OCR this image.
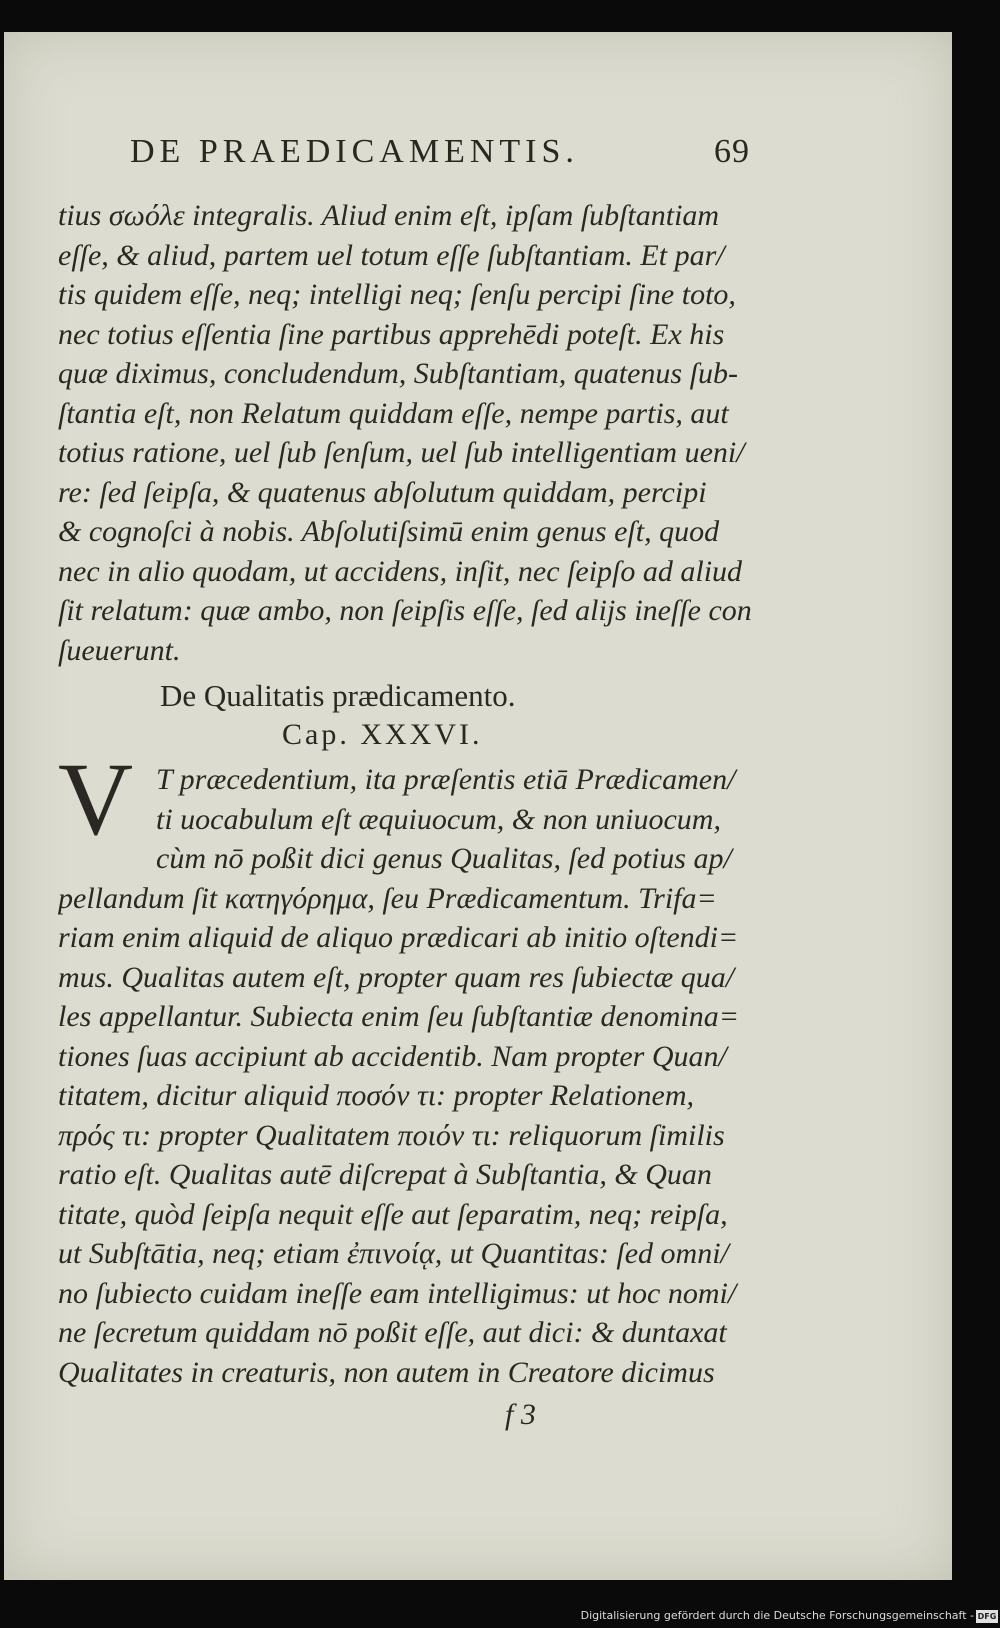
DE PRAEDICAMENTIS.	69
tius σωόλε integralis. Aliud enim eſt, ipſam ſubſtantiam
eſſe, & aliud, partem uel totum eſſe ſubſtantiam. Et par/
tis quidem eſſe, neq; intelligi neq; ſenſu percipi ſine toto,
nec totius eſſentia ſine partibus apprehēdi poteſt. Ex his
quæ diximus, concludendum, Subſtantiam, quatenus ſub-
ſtantia eſt, non Relatum quiddam eſſe, nempe partis, aut
totius ratione, uel ſub ſenſum, uel ſub intelligentiam ueni/
re: ſed ſeipſa, & quatenus abſolutum quiddam, percipi
& cognoſci à nobis. Abſolutiſsimū enim genus eſt, quod
nec in alio quodam, ut accidens, inſit, nec ſeipſo ad aliud
ſit relatum: quæ ambo, non ſeipſis eſſe, ſed alijs ineſſe con
ſueuerunt.
De Qualitatis prædicamento.
Cap. XXXVI.
V T præcedentium, ita præſentis etiā Prædicamen/
ti uocabulum eſt æquiuocum, & non uniuocum,
cùm nō poßit dici genus Qualitas, ſed potius ap/
pellandum ſit κατηγόρημα, ſeu Prædicamentum. Trifa=
riam enim aliquid de aliquo prædicari ab initio oſtendi=
mus. Qualitas autem eſt, propter quam res ſubiectæ qua/
les appellantur. Subiecta enim ſeu ſubſtantiæ denomina=
tiones ſuas accipiunt ab accidentib. Nam propter Quan/
titatem, dicitur aliquid ποσόν τι: propter Relationem,
πρός τι: propter Qualitatem ποιόν τι: reliquorum ſimilis
ratio eſt. Qualitas autē diſcrepat à Subſtantia, & Quan
titate, quòd ſeipſa nequit eſſe aut ſeparatim, neq; reipſa,
ut Subſtātia, neq; etiam ἐπινοίᾳ, ut Quantitas: ſed omni/
no ſubiecto cuidam ineſſe eam intelligimus: ut hoc nomi/
ne ſecretum quiddam nō poßit eſſe, aut dici: & duntaxat
Qualitates in creaturis, non autem in Creatore dicimus
f 3
Digitalisierung gefördert durch die Deutsche Forschungsgemeinschaft - DFG
